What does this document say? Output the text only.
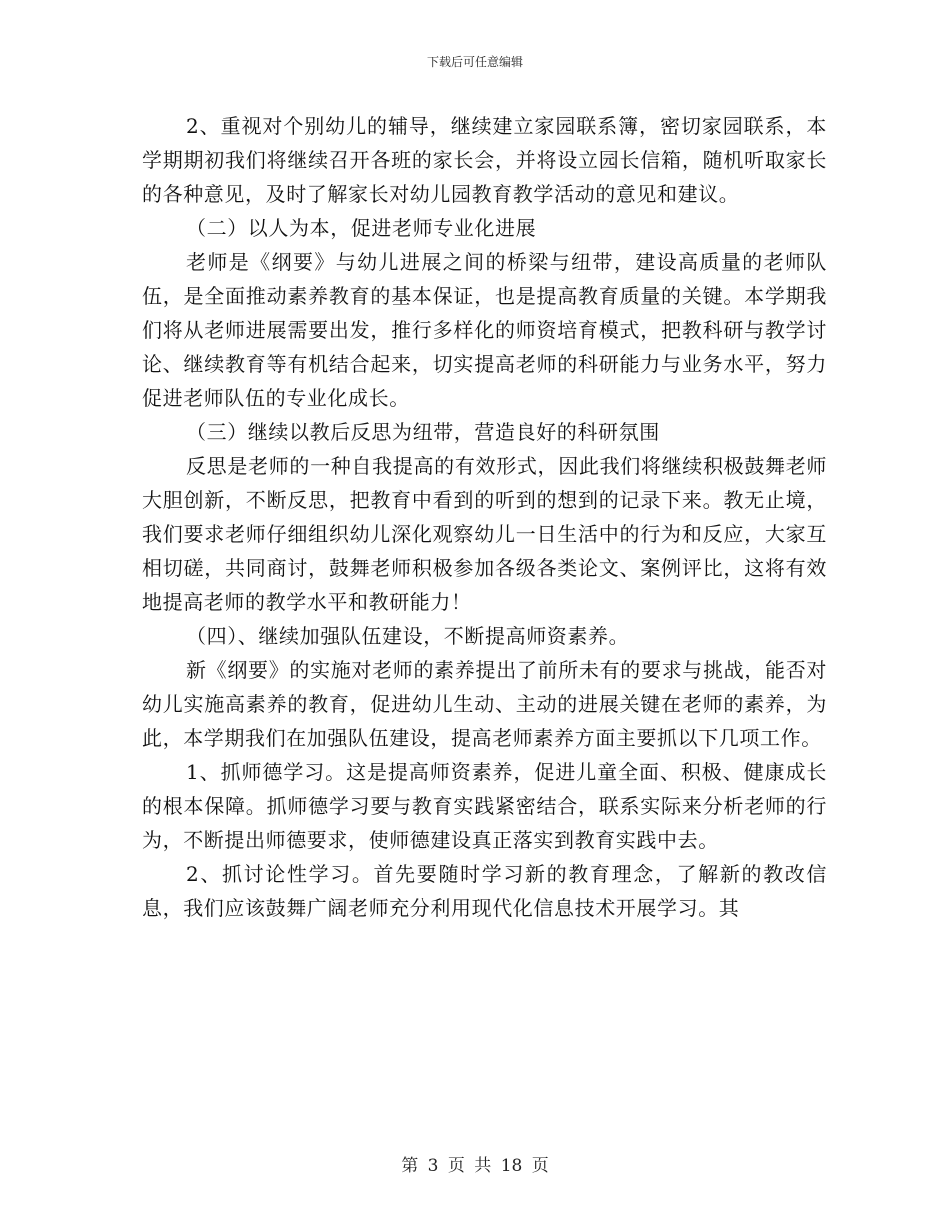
下载后可任意编辑

2、重视对个别幼儿的辅导，继续建立家园联系簿，密切家园联系，本学期期初我们将继续召开各班的家长会，并将设立园长信箱，随机听取家长的各种意见，及时了解家长对幼儿园教育教学活动的意见和建议。

（二）以人为本，促进老师专业化进展

老师是《纲要》与幼儿进展之间的桥梁与纽带，建设高质量的老师队伍，是全面推动素养教育的基本保证，也是提高教育质量的关键。本学期我们将从老师进展需要出发，推行多样化的师资培育模式，把教科研与教学讨论、继续教育等有机结合起来，切实提高老师的科研能力与业务水平，努力促进老师队伍的专业化成长。

（三）继续以教后反思为纽带，营造良好的科研氛围

反思是老师的一种自我提高的有效形式，因此我们将继续积极鼓舞老师大胆创新，不断反思，把教育中看到的听到的想到的记录下来。教无止境，我们要求老师仔细组织幼儿深化观察幼儿一日生活中的行为和反应，大家互相切磋，共同商讨，鼓舞老师积极参加各级各类论文、案例评比，这将有效地提高老师的教学水平和教研能力！

（四）、继续加强队伍建设，不断提高师资素养。

新《纲要》的实施对老师的素养提出了前所未有的要求与挑战，能否对幼儿实施高素养的教育，促进幼儿生动、主动的进展关键在老师的素养，为此，本学期我们在加强队伍建设，提高老师素养方面主要抓以下几项工作。

1、抓师德学习。这是提高师资素养，促进儿童全面、积极、健康成长的根本保障。抓师德学习要与教育实践紧密结合，联系实际来分析老师的行为，不断提出师德要求，使师德建设真正落实到教育实践中去。

2、抓讨论性学习。首先要随时学习新的教育理念，了解新的教改信息，我们应该鼓舞广阔老师充分利用现代化信息技术开展学习。其

第 3 页 共 18 页
